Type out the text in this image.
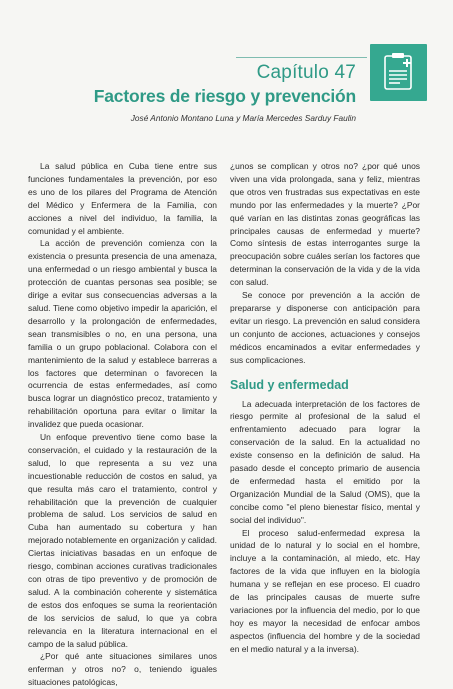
Capítulo 47
Factores de riesgo y prevención
José Antonio Montano Luna y María Mercedes Sarduy Faulin

La salud pública en Cuba tiene entre sus funciones fundamentales la prevención, por eso es uno de los pilares del Programa de Atención del Médico y Enfermera de la Familia, con acciones a nivel del individuo, la familia, la comunidad y el ambiente.

La acción de prevención comienza con la existencia o presunta presencia de una amenaza, una enfermedad o un riesgo ambiental y busca la protección de cuantas personas sea posible; se dirige a evitar sus consecuencias adversas a la salud. Tiene como objetivo impedir la aparición, el desarrollo y la prolongación de enfermedades, sean transmisibles o no, en una persona, una familia o un grupo poblacional. Colabora con el mantenimiento de la salud y establece barreras a los factores que determinan o favorecen la ocurrencia de estas enfermedades, así como busca lograr un diagnóstico precoz, tratamiento y rehabilitación oportuna para evitar o limitar la invalidez que pueda ocasionar.

Un enfoque preventivo tiene como base la conservación, el cuidado y la restauración de la salud, lo que representa a su vez una incuestionable reducción de costos en salud, ya que resulta más caro el tratamiento, control y rehabilitación que la prevención de cualquier problema de salud. Los servicios de salud en Cuba han aumentado su cobertura y han mejorado notablemente en organización y calidad. Ciertas iniciativas basadas en un enfoque de riesgo, combinan acciones curativas tradicionales con otras de tipo preventivo y de promoción de salud. A la combinación coherente y sistemática de estos dos enfoques se suma la reorientación de los servicios de salud, lo que ya cobra relevancia en la literatura internacional en el campo de la salud pública.

¿Por qué ante situaciones similares unos enferman y otros no? o, teniendo iguales situaciones patológicas,

¿unos se complican y otros no? ¿por qué unos viven una vida prolongada, sana y feliz, mientras que otros ven frustradas sus expectativas en este mundo por las enfermedades y la muerte? ¿Por qué varían en las distintas zonas geográficas las principales causas de enfermedad y muerte? Como síntesis de estas interrogantes surge la preocupación sobre cuáles serían los factores que determinan la conservación de la vida y de la vida con salud.

Se conoce por prevención a la acción de prepararse y disponerse con anticipación para evitar un riesgo. La prevención en salud considera un conjunto de acciones, actuaciones y consejos médicos encaminados a evitar enfermedades y sus complicaciones.

Salud y enfermedad

La adecuada interpretación de los factores de riesgo permite al profesional de la salud el enfrentamiento adecuado para lograr la conservación de la salud. En la actualidad no existe consenso en la definición de salud. Ha pasado desde el concepto primario de ausencia de enfermedad hasta el emitido por la Organización Mundial de la Salud (OMS), que la concibe como "el pleno bienestar físico, mental y social del individuo".

El proceso salud-enfermedad expresa la unidad de lo natural y lo social en el hombre, incluye a la contaminación, al miedo, etc. Hay factores de la vida que influyen en la biología humana y se reflejan en ese proceso. El cuadro de las principales causas de muerte sufre variaciones por la influencia del medio, por lo que hoy es mayor la necesidad de enfocar ambos aspectos (influencia del hombre y de la sociedad en el medio natural y a la inversa).
